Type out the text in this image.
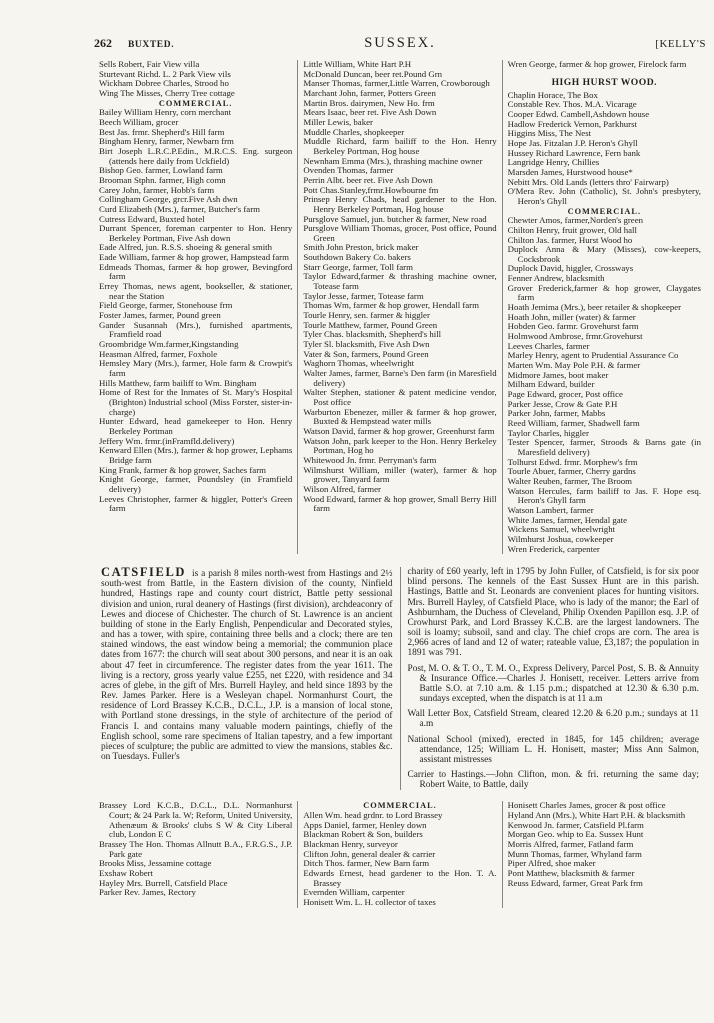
262 BUXTED.	SUSSEX.	[KELLY'S
Sells Robert, Fair View villa
Sturtevant Richd. L. 2 Park View vils
Wickham Dobree Charles, Strood ho
Wing The Misses, Cherry Tree cottage
COMMERCIAL.
Bailey William Henry, corn merchant
Beech William, grocer
Best Jas. frmr. Shepherd's Hill farm
Bingham Henry, farmer, Newbarn frm
Birt Joseph L.R.C.P.Edin., M.R.C.S. Eng. surgeon (attends here daily from Uckfield)
Bishop Geo. farmer, Lowland farm
Brooman Stphn. farmer, High comn
Carey John, farmer, Hobb's farm
Collingham George, grcr.Five Ash dwn
Curd Elizabeth (Mrs.), farmer, Butcher's farm
Cutress Edward, Buxted hotel
Durrant Spencer, foreman carpenter to Hon. Henry Berkeley Portman, Five Ash down
Eade Alfred, jun. R.S.S. shoeing & general smith
Eade William, farmer & hop grower, Hampstead farm
Edmeads Thomas, farmer & hop grower, Bevingford farm
Errey Thomas, news agent, bookseller, & stationer, near the Station
Field George, farmer, Stonehouse frm
Foster James, farmer, Pound green
Gander Susannah (Mrs.), furnished apartments, Framfield road
Groombridge Wm.farmer,Kingstanding
Heasman Alfred, farmer, Foxhole
Hemsley Mary (Mrs.), farmer, Hole farm & Crowpit's farm
Hills Matthew, farm bailiff to Wm. Bingham
Home of Rest for the Inmates of St. Mary's Hospital (Brighton) Industrial school (Miss Forster, sister-in-charge)
Hunter Edward, head gamekeeper to Hon. Henry Berkeley Portman
Jeffery Wm. frmr.(inFramfld.delivery)
Kenward Ellen (Mrs.), farmer & hop grower, Lephams Bridge farm
King Frank, farmer & hop grower, Saches farm
Knight George, farmer, Poundsley (in Framfield delivery)
Leeves Christopher, farmer & higgler, Potter's Green farm
Little William, White Hart P.H
McDonald Duncan, beer ret.Pound Grn
Manser Thomas, farmer,Little Warren, Crowborough
Marchant John, farmer, Potters Green
Martin Bros. dairymen, New Ho. frm
Mears Isaac, beer ret. Five Ash Down
Miller Lewis, baker
Muddle Charles, shopkeeper
Muddle Richard, farm bailiff to the Hon. Henry Berkeley Portman, Hog house
Newnham Emma (Mrs.), thrashing machine owner
Ovenden Thomas, farmer
Perrin Albt. beer ret. Five Ash Down
Pott Chas.Stanley,frmr.Howbourne fm
Prinsep Henry Chads, head gardener to the Hon. Henry Berkeley Portman, Hog house
Pursglove Samuel, jun. butcher & farmer, New road
Pursglove William Thomas, grocer, Post office, Pound Green
Smith John Preston, brick maker
Southdown Bakery Co. bakers
Starr George, farmer, Toll farm
Taylor Edward,farmer & thrashing machine owner, Totease farm
Taylor Jesse, farmer, Totease farm
Thomas Wm, farmer & hop grower, Hendall farm
Tourle Henry, sen. farmer & higgler
Tourle Matthew, farmer, Pound Green
Tyler Chas. blacksmith, Shepherd's hill
Tyler Sl. blacksmith, Five Ash Dwn
Vater & Son, farmers, Pound Green
Waghorn Thomas, wheelwright
Walter James, farmer, Barne's Den farm (in Maresfield delivery)
Walter Stephen, stationer & patent medicine vendor, Post office
Warburton Ebenezer, miller & farmer & hop grower, Buxted & Hempstead water mills
Watson David, farmer & hop grower, Greenhurst farm
Watson John, park keeper to the Hon. Henry Berkeley Portman, Hog ho
Whitewood Jn. frmr. Perryman's farm
Wilmshurst William, miller (water), farmer & hop grower, Tanyard farm
Wilson Alfred, farmer
Wood Edward, farmer & hop grower, Small Berry Hill farm
Wren George, farmer & hop grower, Firelock farm
HIGH HURST WOOD.
Chaplin Horace, The Box
Constable Rev. Thos. M.A. Vicarage
Cooper Edwd. Cambell,Ashdown house
Hadlow Frederick Vernon, Parkhurst
Higgins Miss, The Nest
Hope Jas. Fitzalan J.P. Heron's Ghyll
Hussey Richard Lawrence, Fern bank
Langridge Henry, Chillies
Marsden James, Hurstwood house*
Nebitt Mrs. Old Lands (letters thro' Fairwarp)
O'Mera Rev. John (Catholic), St. John's presbytery, Heron's Ghyll
COMMERCIAL.
Chewter Amos, farmer,Norden's green
Chilton Henry, fruit grower, Old hall
Chilton Jas. farmer, Hurst Wood ho
Duplock Anna & Mary (Misses), cow-keepers, Cocksbrook
Duplock David, higgler, Crossways
Fenner Andrew, blacksmith
Grover Frederick,farmer & hop grower, Claygates farm
Hoath Jemima (Mrs.), beer retailer & shopkeeper
Hoath John, miller (water) & farmer
Hobden Geo. farmr. Grovehurst farm
Holmwood Ambrose, frmr.Grovehurst
Leeves Charles, farmer
Marley Henry, agent to Prudential Assurance Co
Marten Wm. May Pole P.H. & farmer
Midmore James, boot maker
Milham Edward, builder
Page Edward, grocer, Post office
Parker Jesse, Crow & Gate P.H
Parker John, farmer, Mabbs
Reed William, farmer, Shadwell farm
Taylor Charles, higgler
Tester Spencer, farmer, Stroods & Barns gate (in Maresfield delivery)
Tolhurst Edwd. frmr. Morphew's frm
Tourle Abuer, farmer, Cherry gardns
Walter Reuben, farmer, The Broom
Watson Hercules, farm bailiff to Jas. F. Hope esq. Heron's Ghyll farm
Watson Lambert, farmer
White James, farmer, Hendal gate
Wickens Samuel, wheelwright
Wilmhurst Joshua, cowkeeper
Wren Frederick, carpenter

CATSFIELD is a parish 8 miles north-west from Hastings and 2½ south-west from Battle, in the Eastern division of the county, Ninfield hundred, Hastings rape and county court district, Battle petty sessional division and union, rural deanery of Hastings (first division), archdeaconry of Lewes and diocese of Chichester. The church of St. Lawrence is an ancient building of stone in the Early English, Penpendicular and Decorated styles, and has a tower, with spire, containing three bells and a clock; there are ten stained windows, the east window being a memorial; the communion place dates from 1677: the church will seat about 300 persons, and near it is an oak about 47 feet in circumference. The register dates from the year 1611. The living is a rectory, gross yearly value £255, net £220, with residence and 34 acres of glebe, in the gift of Mrs. Burrell Hayley, and held since 1893 by the Rev. James Parker. Here is a Wesleyan chapel. Normanhurst Court, the residence of Lord Brassey K.C.B., D.C.L., J.P. is a mansion of local stone, with Portland stone dressings, in the style of architecture of the period of Francis I. and contains many valuable modern paintings, chiefly of the English school, some rare specimens of Italian tapestry, and a few important pieces of sculpture; the public are admitted to view the mansions, stables &c. on Tuesdays. Fuller's

charity of £60 yearly, left in 1795 by John Fuller, of Catsfield, is for six poor blind persons. The kennels of the East Sussex Hunt are in this parish. Hastings, Battle and St. Leonards are convenient places for hunting visitors. Mrs. Burrell Hayley, of Catsfield Place, who is lady of the manor; the Earl of Ashburnham, the Duchess of Cleveland, Philip Oxenden Papillon esq. J.P. of Crowhurst Park, and Lord Brassey K.C.B. are the largest landowners. The soil is loamy; subsoil, sand and clay. The chief crops are corn. The area is 2,966 acres of land and 12 of water; rateable value, £3,187; the population in 1891 was 791.

Post, M. O. & T. O., T. M. O., Express Delivery, Parcel Post, S. B. & Annuity & Insurance Office.—Charles J. Honisett, receiver. Letters arrive from Battle S.O. at 7.10 a.m. & 1.15 p.m.; dispatched at 12.30 & 6.30 p.m. sundays excepted, when the dispatch is at 11 a.m
Wall Letter Box, Catsfield Stream, cleared 12.20 & 6.20 p.m.; sundays at 11 a.m
National School (mixed), erected in 1845, for 145 children; average attendance, 125; William L. H. Honisett, master; Miss Ann Salmon, assistant mistresses
Carrier to Hastings.—John Clifton, mon. & fri. returning the same day; Robert Waite, to Battle, daily
Brassey Lord K.C.B., D.C.L., D.L. Normanhurst Court; & 24 Park la. W; Reform, United University, Athenæum & Brooks' clubs S W & City Liberal club, London E C
Brassey The Hon. Thomas Allnutt B.A., F.R.G.S., J.P. Park gate
Brooks Miss, Jessamine cottage
Exshaw Robert
Hayley Mrs. Burrell, Catsfield Place
Parker Rev. James, Rectory
COMMERCIAL.
Allen Wm. head grdnr. to Lord Brassey
Apps Daniel, farmer, Henley down
Blackman Robert & Son, builders
Blackman Henry, surveyor
Clifton John, general dealer & carrier
Ditch Thos. farmer, New Barn farm
Edwards Ernest, head gardener to the Hon. T. A. Brassey
Evernden William, carpenter
Honisett Wm. L. H. collector of taxes
Honisett Charles James, grocer & post office
Hyland Ann (Mrs.), White Hart P.H. & blacksmith
Kenwood Jn. farmer, Catsfield Pl.farm
Morgan Geo. whip to Ea. Sussex Hunt
Morris Alfred, farmer, Fatland farm
Munn Thomas, farmer, Whyland farm
Piper Alfred, shoe maker
Pont Matthew, blacksmith & farmer
Reuss Edward, farmer, Great Park frm
